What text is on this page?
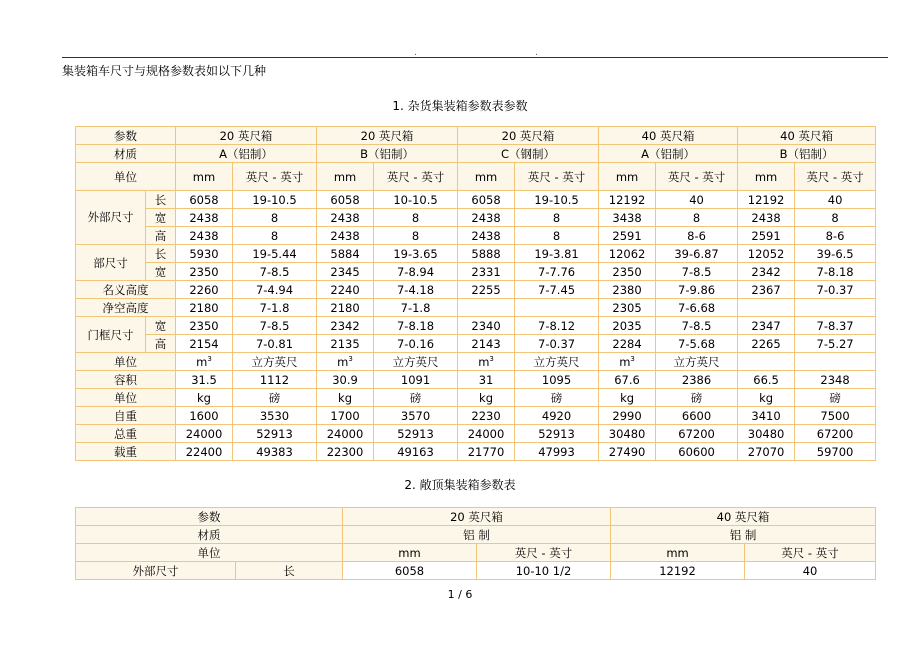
.	.
集装箱车尺寸与规格参数表如以下几种
1. 杂货集装箱参数表参数
参数		20 英尺箱		20 英尺箱		20 英尺箱		40 英尺箱		40 英尺箱	
材质		A（铝制）		B（铝制）		C（钢制）		A（铝制）		B（铝制）	
单位		mm	英尺 - 英寸	mm	英尺 - 英寸	mm	英尺 - 英寸	mm	英尺 - 英寸	mm	英尺 - 英寸
外部尺寸	长	6058	19-10.5	6058	10-10.5	6058	19-10.5	12192	40	12192	40
	宽	2438	8	2438	8	2438	8	3438	8	2438	8
	高	2438	8	2438	8	2438	8	2591	8-6	2591	8-6
部尺寸	长	5930	19-5.44	5884	19-3.65	5888	19-3.81	12062	39-6.87	12052	39-6.5
	宽	2350	7-8.5	2345	7-8.94	2331	7-7.76	2350	7-8.5	2342	7-8.18
名义高度		2260	7-4.94	2240	7-4.18	2255	7-7.45	2380	7-9.86	2367	7-0.37
净空高度		2180	7-1.8	2180	7-1.8			2305	7-6.68		
门框尺寸	宽	2350	7-8.5	2342	7-8.18	2340	7-8.12	2035	7-8.5	2347	7-8.37
	高	2154	7-0.81	2135	7-0.16	2143	7-0.37	2284	7-5.68	2265	7-5.27
单位		$m^3$	立方英尺	$m^3$	立方英尺	$m^3$	立方英尺	$m^3$	立方英尺		
容积		31.5	1112	30.9	1091	31	1095	67.6	2386	66.5	2348
单位		kg	磅	kg	磅	kg	磅	kg	磅	kg	磅
自重		1600	3530	1700	3570	2230	4920	2990	6600	3410	7500
总重		24000	52913	24000	52913	24000	52913	30480	67200	30480	67200
载重		22400	49383	22300	49163	21770	47993	27490	60600	27070	59700
2. 敞顶集装箱参数表
参数		20 英尺箱		40 英尺箱	
材质		铝 制		铝 制	
单位		mm	英尺 - 英寸	mm	英尺 - 英寸
外部尺寸	长	6058	10-10 1/2	12192	40
1 / 6
